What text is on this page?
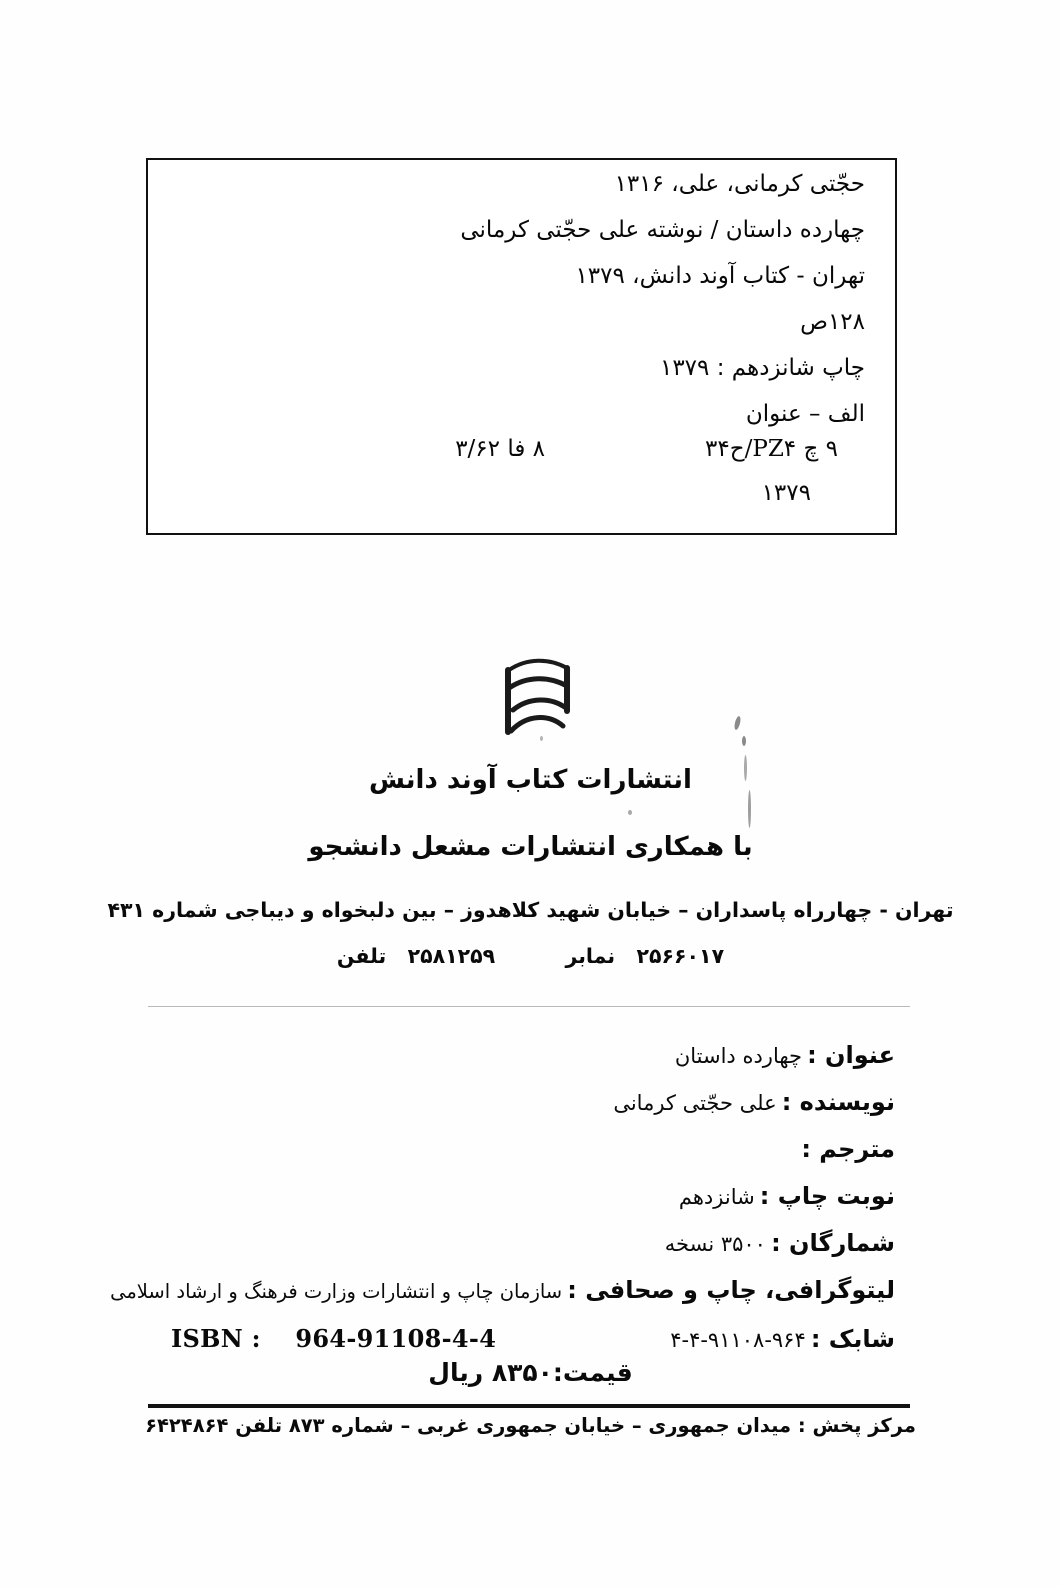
حجّتی کرمانی، علی، ۱۳۱۶
چهارده داستان / نوشته علی حجّتی کرمانی
تهران - کتاب آوند دانش، ۱۳۷۹
۱۲۸ص
چاپ شانزدهم : ۱۳۷۹
الف – عنوان
۹ چ PZ۴/ح۳۴
۱۳۷۹
۸ فا ۳/۶۲
انتشارات کتاب آوند دانش
با همکاری انتشارات مشعل دانشجو
تهران - چهارراه پاسداران – خیابان شهید کلاهدوز – بین دلبخواه و دیباجی شماره ۴۳۱
۲۵۶۶۰۱۷   نمابر  ۲۵۸۱۲۵۹   تلفن
عنوان : چهارده داستان
نویسنده : علی حجّتی کرمانی
مترجم :
نوبت چاپ : شانزدهم
شمارگان : ۳۵۰۰ نسخه
لیتوگرافی، چاپ و صحافی : سازمان چاپ و انتشارات وزارت فرهنگ و ارشاد اسلامی
شابک : ۹۶۴-۹۱۱۰۸-۴-۴
ISBN : 964-91108-4-4
قیمت:۸۳۵۰ ریال
مرکز پخش : میدان جمهوری – خیابان جمهوری غربی – شماره ۸۷۳ تلفن ۶۴۲۴۸۶۴
